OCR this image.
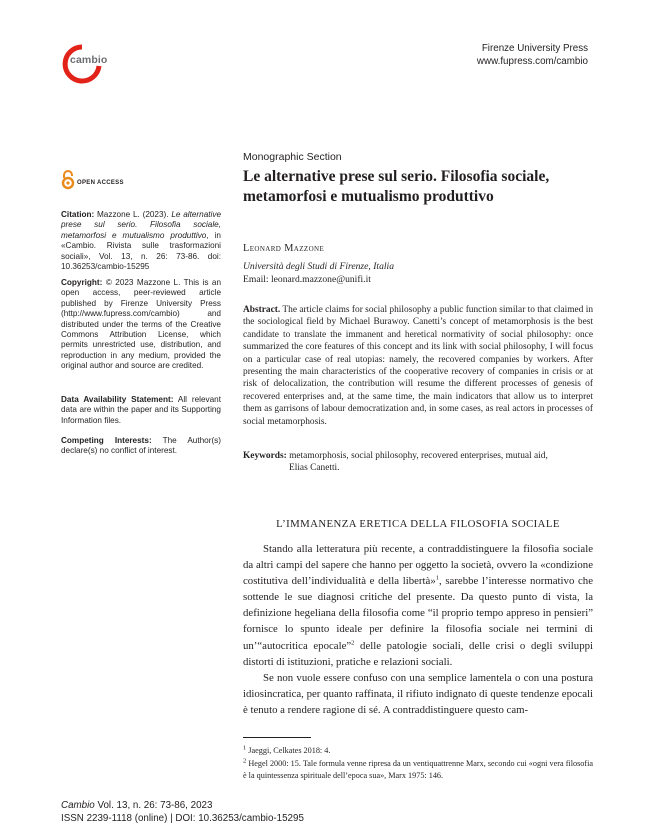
cambio
Firenze University Press
www.fupress.com/cambio
Monographic Section
Le alternative prese sul serio. Filosofia sociale,
metamorfosi e mutualismo produttivo
OPEN ACCESS
Citation: Mazzone L. (2023). Le alternative prese sul serio. Filosofia sociale, metamorfosi e mutualismo produttivo, in «Cambio. Rivista sulle trasformazioni sociali», Vol. 13, n. 26: 73-86. doi: 10.36253/cambio-15295
Copyright: © 2023 Mazzone L. This is an open access, peer-reviewed article published by Firenze University Press (http://www.fupress.com/cambio) and distributed under the terms of the Creative Commons Attribution License, which permits unrestricted use, distribution, and reproduction in any medium, provided the original author and source are credited.
Data Availability Statement: All relevant data are within the paper and its Supporting Information files.
Competing Interests: The Author(s) declare(s) no conflict of interest.
Leonard Mazzone
Università degli Studi di Firenze, Italia
Email: leonard.mazzone@unifi.it
Abstract. The article claims for social philosophy a public function similar to that claimed in the sociological field by Michael Burawoy. Canetti’s concept of metamorphosis is the best candidate to translate the immanent and heretical normativity of social philosophy: once summarized the core features of this concept and its link with social philosophy, I will focus on a particular case of real utopias: namely, the recovered companies by workers. After presenting the main characteristics of the cooperative recovery of companies in crisis or at risk of delocalization, the contribution will resume the different processes of genesis of recovered enterprises and, at the same time, the main indicators that allow us to interpret them as garrisons of labour democratization and, in some cases, as real actors in processes of social metamorphosis.
Keywords: metamorphosis, social philosophy, recovered enterprises, mutual aid,
Elias Canetti.
L’IMMANENZA ERETICA DELLA FILOSOFIA SOCIALE

Stando alla letteratura più recente, a contraddistinguere la filosofia sociale da altri campi del sapere che hanno per oggetto la società, ovvero la «condizione costitutiva dell’individualità e della libertà»$^1$, sarebbe l’interesse normativo che sottende le sue diagnosi critiche del presente. Da questo punto di vista, la definizione hegeliana della filosofia come “il proprio tempo appreso in pensieri” fornisce lo spunto ideale per definire la filosofia sociale nei termini di un’“autocritica epocale”$^2$ delle patologie sociali, delle crisi o degli sviluppi distorti di istituzioni, pratiche e relazioni sociali.

Se non vuole essere confuso con una semplice lamentela o con una postura idiosincratica, per quanto raffinata, il rifiuto indignato di queste tendenze epocali è tenuto a rendere ragione di sé. A contraddistinguere questo cam-

$^1$ Jaeggi, Celkates 2018: 4.
$^2$ Hegel 2000: 15. Tale formula venne ripresa da un ventiquattrenne Marx, secondo cui «ogni vera filosofia è la quintessenza spirituale dell’epoca sua», Marx 1975: 146.
Cambio Vol. 13, n. 26: 73-86, 2023
ISSN 2239-1118 (online) | DOI: 10.36253/cambio-15295
